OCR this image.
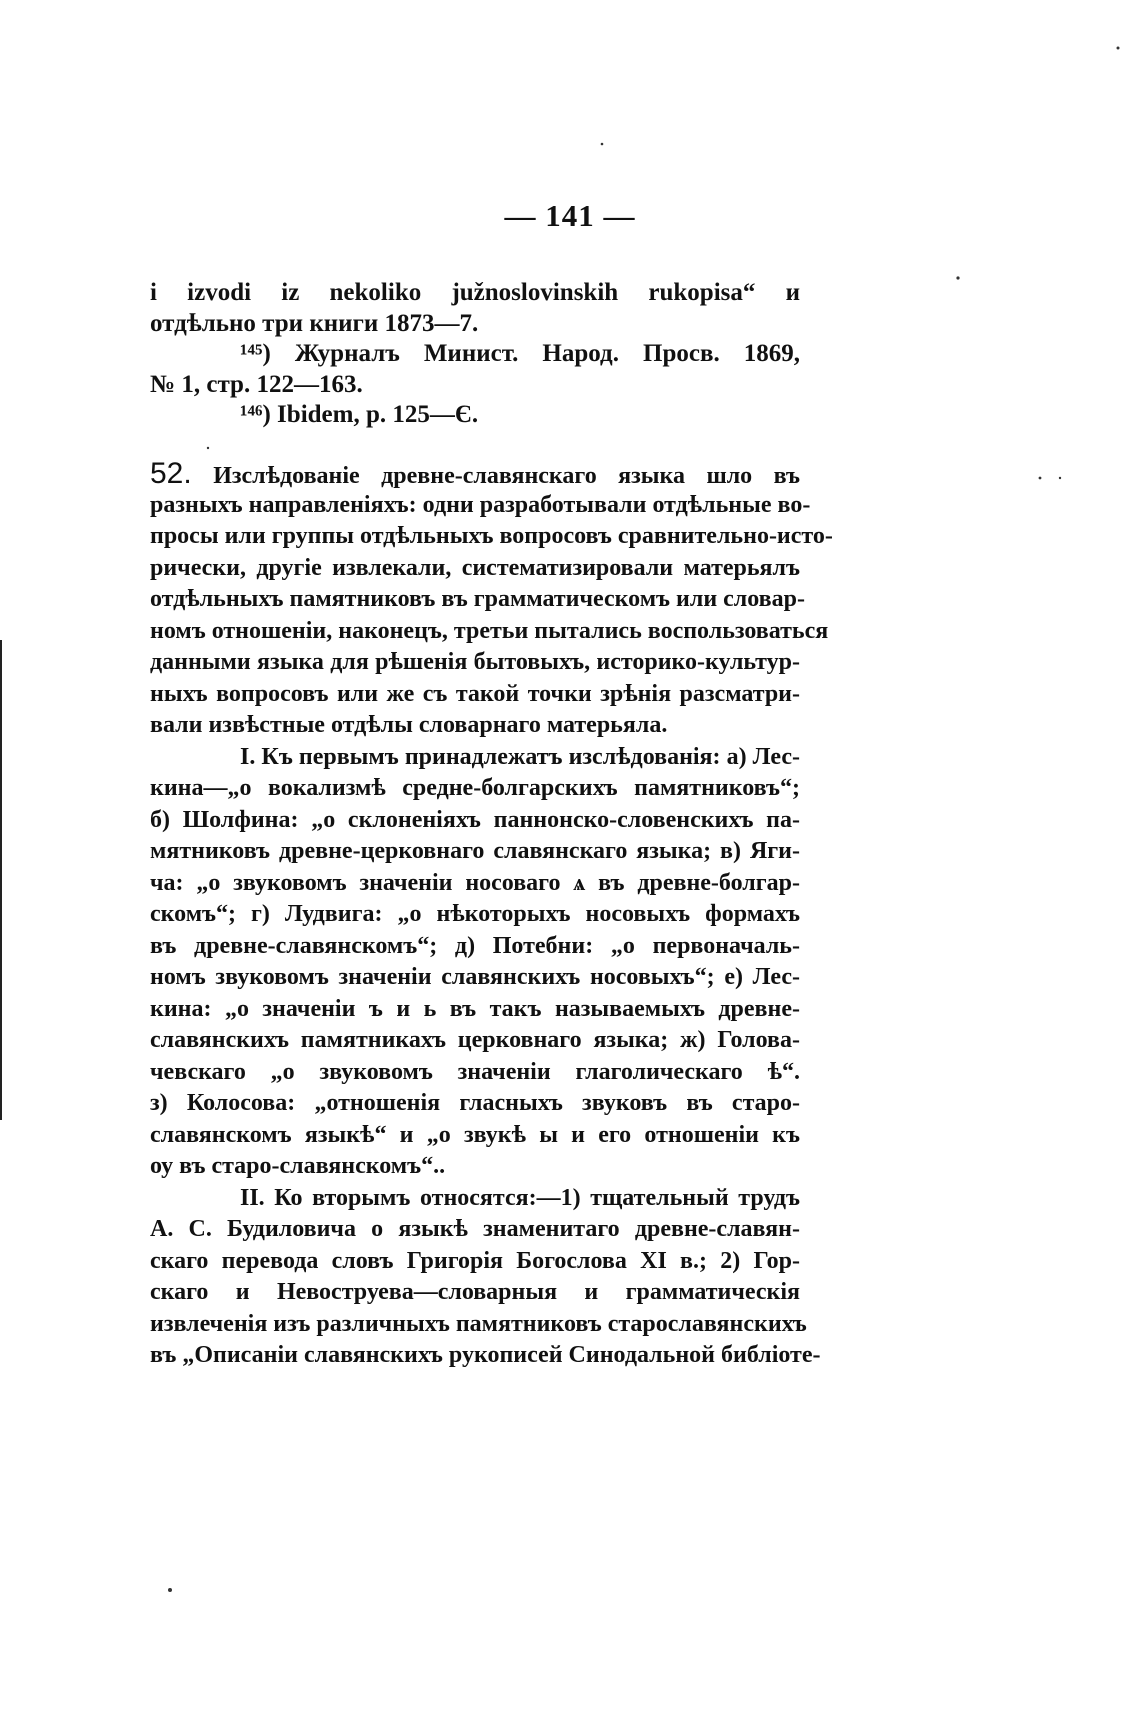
— 141 —
i izvodi iz nekoliko južnoslovinskih rukopisa“ и
отдѣльно три книги 1873—7.
¹⁴⁵) Журналъ Минист. Народ. Просв. 1869,
№ 1, стр. 122—163.
¹⁴⁶) Ibidem, p. 125—Є.
52. Изслѣдованiе древне-славянскаго языка шло въ
разныхъ направленiяхъ: одни разработывали отдѣльные во-
просы или группы отдѣльныхъ вопросовъ сравнительно-исто-
рически, другiе извлекали, систематизировали матерьялъ
отдѣльныхъ памятниковъ въ грамматическомъ или словар-
номъ отношенiи, наконецъ, третьи пытались воспользоваться
данными языка для рѣшенiя бытовыхъ, историко-культур-
ныхъ вопросовъ или же съ такой точки зрѣнiя разсматри-
вали извѣстные отдѣлы словарнаго матерьяла.
I. Къ первымъ принадлежатъ изслѣдованiя: а) Лес-
кина—„о вокализмѣ средне-болгарскихъ памятниковъ“;
б) Шолфина: „о склоненiяхъ паннонско-словенскихъ па-
мятниковъ древне-церковнаго славянскаго языка; в) Яги-
ча: „о звуковомъ значенiи носоваго ѧ въ древне-болгар-
скомъ“; г) Лудвига: „о нѣкоторыхъ носовыхъ формахъ
въ древне-славянскомъ“; д) Потебни: „о первоначаль-
номъ звуковомъ значенiи славянскихъ носовыхъ“; е) Лес-
кина: „о значенiи ъ и ь въ такъ называемыхъ древне-
славянскихъ памятникахъ церковнаго языка; ж) Голова-
чевскаго „о звуковомъ значенiи глаголическаго ѣ“.
з) Колосова: „отношенiя гласныхъ звуковъ въ старо-
славянскомъ языкѣ“ и „о звукѣ ы и его отношенiи къ
оу въ старо-славянскомъ“..
II. Ко вторымъ относятся:—1) тщательный трудъ
А. С. Будиловича о языкѣ знаменитаго древне-славян-
скаго перевода словъ Григорiя Богослова XI в.; 2) Гор-
скаго и Невоструева—словарныя и грамматическiя
извлеченiя изъ различныхъ памятниковъ старославянскихъ
въ „Описанiи славянскихъ рукописей Синодальной библiоте-
